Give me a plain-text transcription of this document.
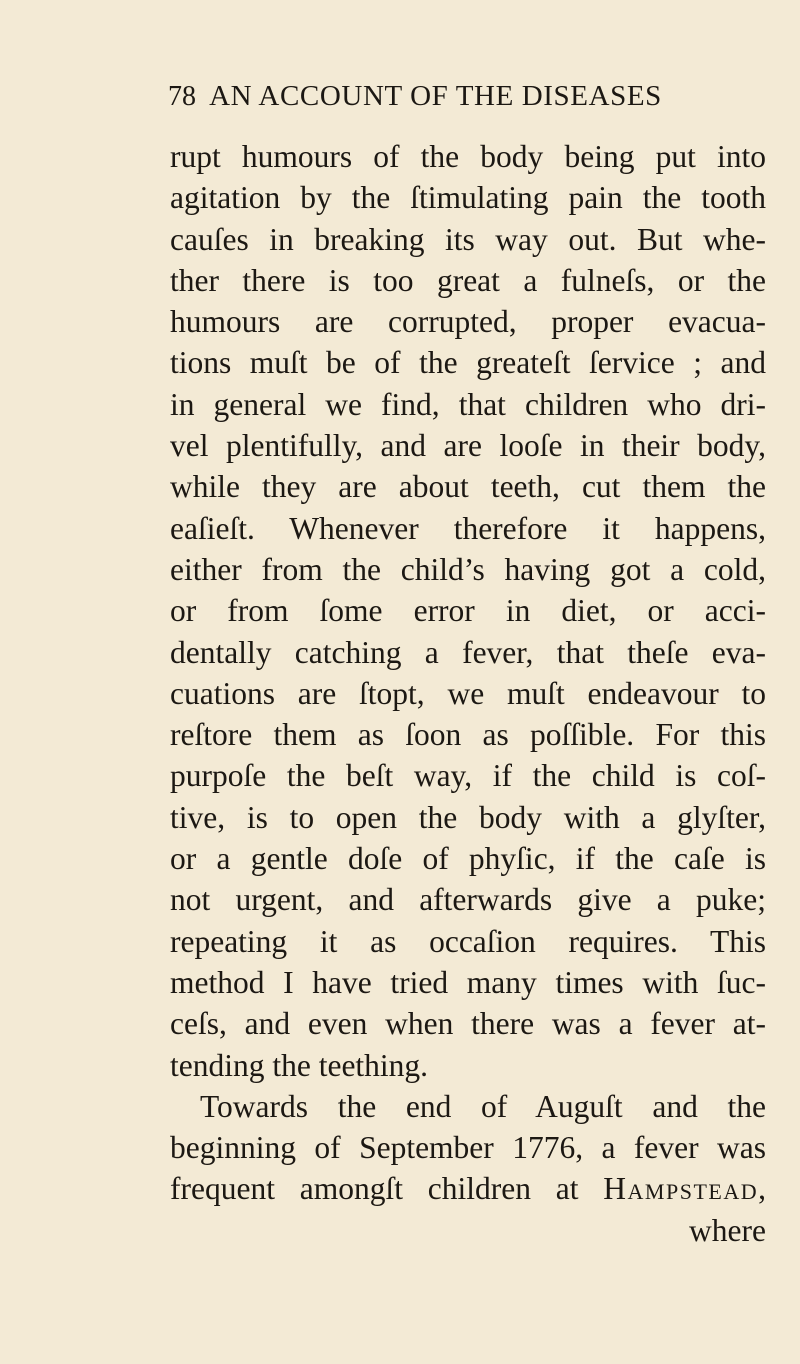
78 AN ACCOUNT OF THE DISEASES
rupt humours of the body being put into
agitation by the ſtimulating pain the tooth
cauſes in breaking its way out. But whe-
ther there is too great a fulneſs, or the
humours are corrupted, proper evacua-
tions muſt be of the greateſt ſervice ; and
in general we find, that children who dri-
vel plentifully, and are looſe in their body,
while they are about teeth, cut them the
eaſieſt. Whenever therefore it happens,
either from the child’s having got a cold,
or from ſome error in diet, or acci-
dentally catching a fever, that theſe eva-
cuations are ſtopt, we muſt endeavour to
reſtore them as ſoon as poſſible. For this
purpoſe the beſt way, if the child is coſ-
tive, is to open the body with a glyſter,
or a gentle doſe of phyſic, if the caſe is
not urgent, and afterwards give a puke;
repeating it as occaſion requires. This
method I have tried many times with ſuc-
ceſs, and even when there was a fever at-
tending the teething.
Towards the end of Auguſt and the
beginning of September 1776, a fever was
frequent amongſt children at Hampstead,
where
